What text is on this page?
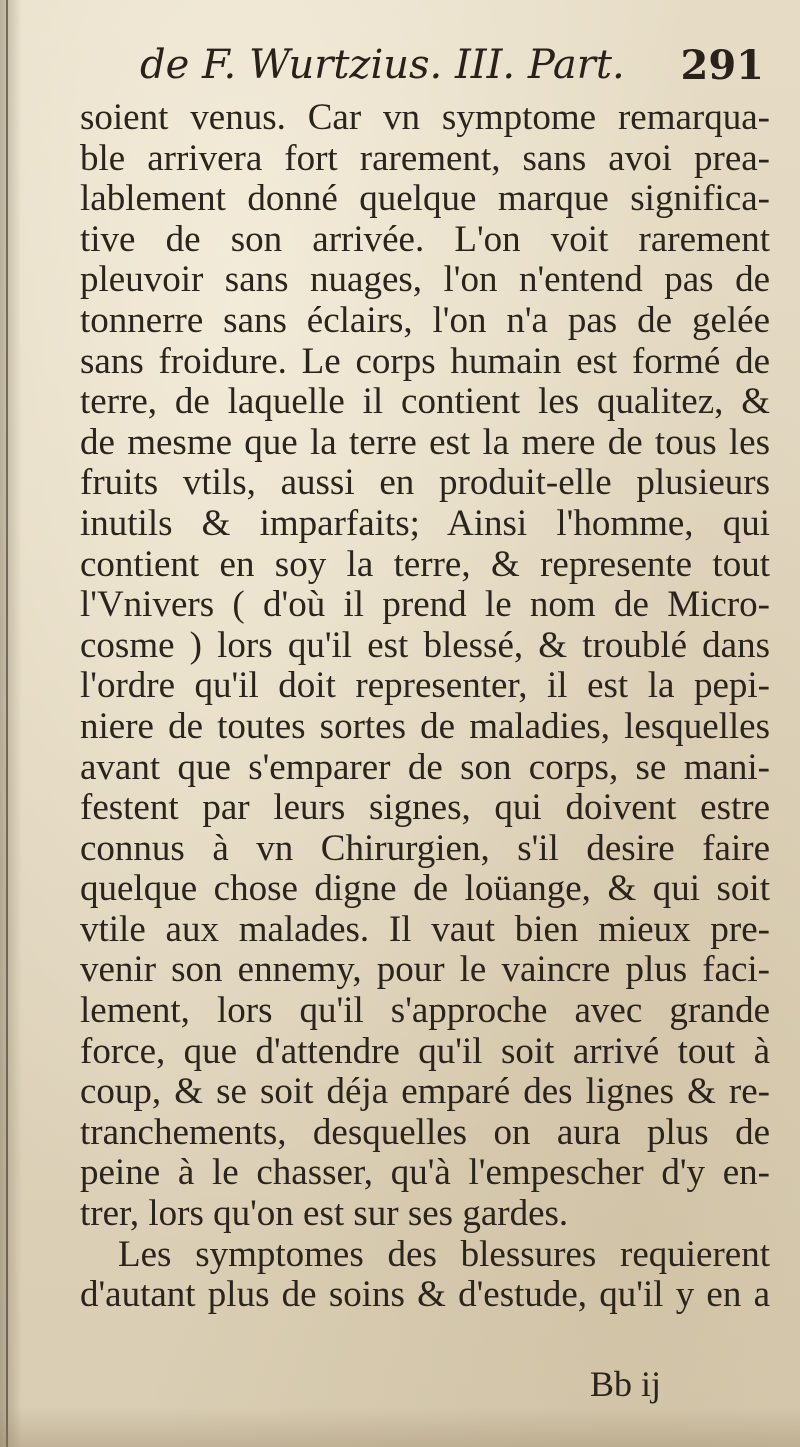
de F. Wurtzius. III. Part. 291
soient venus. Car vn symptome remarqua-
ble arrivera fort rarement, sans avoi prea-
lablement donné quelque marque significa-
tive de son arrivée. L'on voit rarement
pleuvoir sans nuages, l'on n'entend pas de
tonnerre sans éclairs, l'on n'a pas de gelée
sans froidure. Le corps humain est formé de
terre, de laquelle il contient les qualitez, &
de mesme que la terre est la mere de tous les
fruits vtils, aussi en produit-elle plusieurs
inutils & imparfaits; Ainsi l'homme, qui
contient en soy la terre, & represente tout
l'Vnivers ( d'où il prend le nom de Micro-
cosme ) lors qu'il est blessé, & troublé dans
l'ordre qu'il doit representer, il est la pepi-
niere de toutes sortes de maladies, lesquelles
avant que s'emparer de son corps, se mani-
festent par leurs signes, qui doivent estre
connus à vn Chirurgien, s'il desire faire
quelque chose digne de loüange, & qui soit
vtile aux malades. Il vaut bien mieux pre-
venir son ennemy, pour le vaincre plus faci-
lement, lors qu'il s'approche avec grande
force, que d'attendre qu'il soit arrivé tout à
coup, & se soit déja emparé des lignes & re-
tranchements, desquelles on aura plus de
peine à le chasser, qu'à l'empescher d'y en-
trer, lors qu'on est sur ses gardes.
Les symptomes des blessures requierent
d'autant plus de soins & d'estude, qu'il y en a
Bb ij
